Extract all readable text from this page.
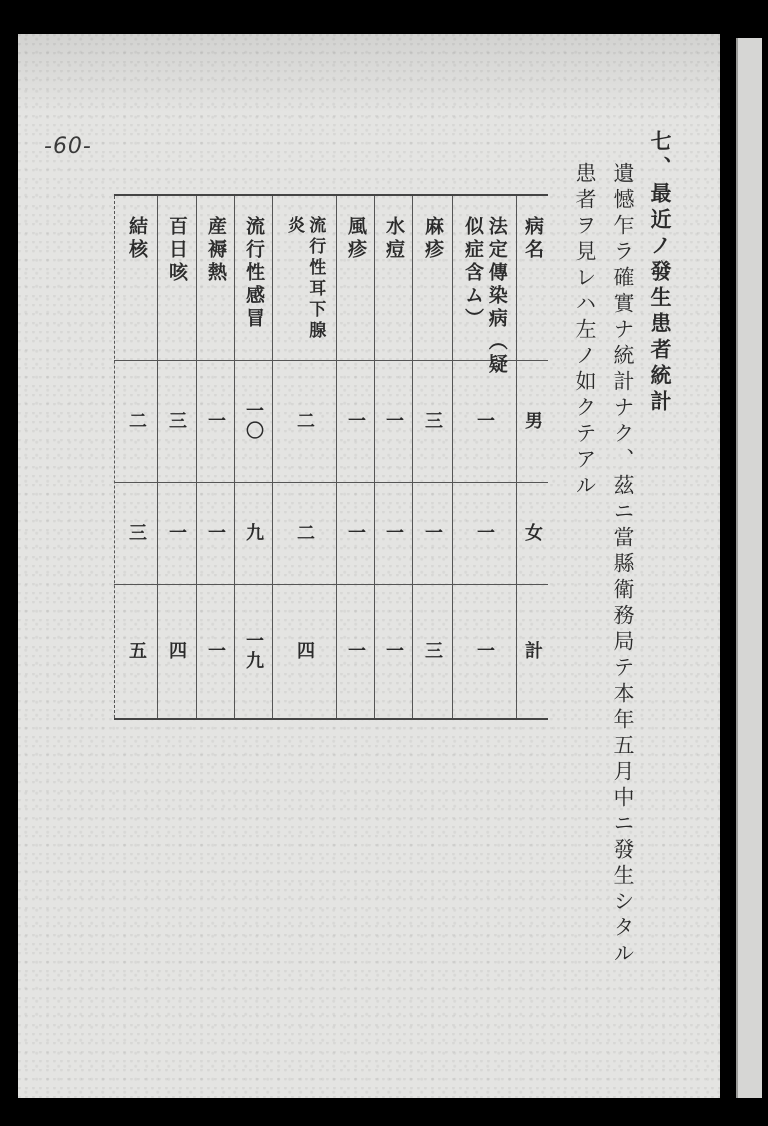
-60-	七、最近ノ發生患者統計
遺憾乍ラ確實ナ統計ナク、茲ニ當縣衛務局テ本年五月中ニ發生シタル
患者ヲ見レハ左ノ如クテアル
病名
男
女
計
法定傳染病（疑似症含ム）
一
一
一
麻疹
三
一
三
水痘
一
一
一
風疹
一
一
一
流行性耳下腺炎
二
二
四
流行性感冒
一〇
九
一九
産褥熱
一
一
一
百日咳
三
一
四
結核
二
三
五
